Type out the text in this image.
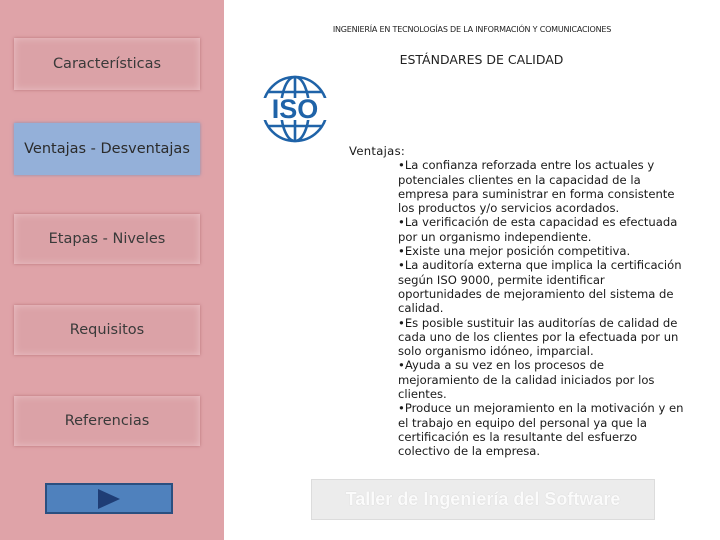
Características
Ventajas - Desventajas
Etapas - Niveles
Requisitos
Referencias
INGENIERÍA EN TECNOLOGÍAS DE LA INFORMACIÓN Y COMUNICACIONES
ESTÁNDARES DE CALIDAD
ISO
Ventajas:
•La confianza reforzada entre los actuales y potenciales clientes en la capacidad de la empresa para suministrar en forma consistente los productos y/o servicios acordados.
•La verificación de esta capacidad es efectuada por un organismo independiente.
•Existe una mejor posición competitiva.
•La auditoría externa que implica la certificación según ISO 9000, permite identificar oportunidades de mejoramiento del sistema de calidad.
•Es posible sustituir las auditorías de calidad de cada uno de los clientes por la efectuada por un solo organismo idóneo, imparcial.
•Ayuda a su vez en los procesos de mejoramiento de la calidad iniciados por los clientes.
•Produce un mejoramiento en la motivación y en el trabajo en equipo del personal ya que la certificación es la resultante del esfuerzo colectivo de la empresa.
Taller de Ingeniería del Software
